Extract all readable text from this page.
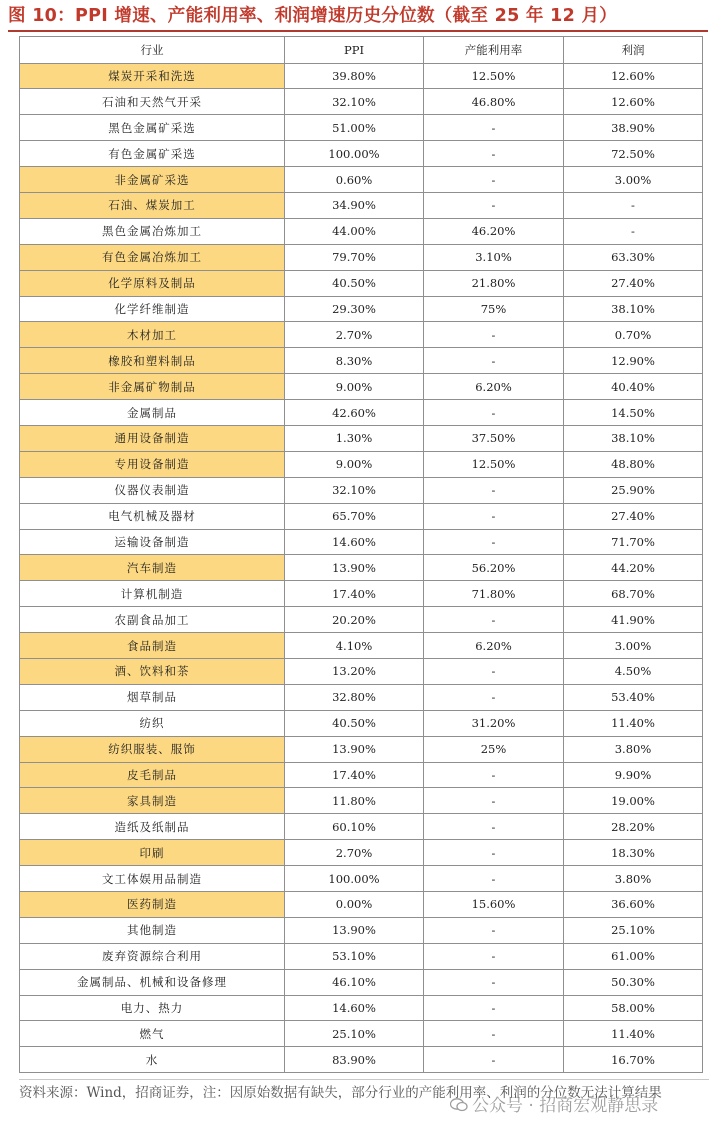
图 10：PPI 增速、产能利用率、利润增速历史分位数（截至 25 年 12 月）
行业	PPI	产能利用率	利润
煤炭开采和洗选	39.80%	12.50%	12.60%
石油和天然气开采	32.10%	46.80%	12.60%
黑色金属矿采选	51.00%	-	38.90%
有色金属矿采选	100.00%	-	72.50%
非金属矿采选	0.60%	-	3.00%
石油、煤炭加工	34.90%	-	-
黑色金属冶炼加工	44.00%	46.20%	-
有色金属冶炼加工	79.70%	3.10%	63.30%
化学原料及制品	40.50%	21.80%	27.40%
化学纤维制造	29.30%	75%	38.10%
木材加工	2.70%	-	0.70%
橡胶和塑料制品	8.30%	-	12.90%
非金属矿物制品	9.00%	6.20%	40.40%
金属制品	42.60%	-	14.50%
通用设备制造	1.30%	37.50%	38.10%
专用设备制造	9.00%	12.50%	48.80%
仪器仪表制造	32.10%	-	25.90%
电气机械及器材	65.70%	-	27.40%
运输设备制造	14.60%	-	71.70%
汽车制造	13.90%	56.20%	44.20%
计算机制造	17.40%	71.80%	68.70%
农副食品加工	20.20%	-	41.90%
食品制造	4.10%	6.20%	3.00%
酒、饮料和茶	13.20%	-	4.50%
烟草制品	32.80%	-	53.40%
纺织	40.50%	31.20%	11.40%
纺织服装、服饰	13.90%	25%	3.80%
皮毛制品	17.40%	-	9.90%
家具制造	11.80%	-	19.00%
造纸及纸制品	60.10%	-	28.20%
印刷	2.70%	-	18.30%
文工体娱用品制造	100.00%	-	3.80%
医药制造	0.00%	15.60%	36.60%
其他制造	13.90%	-	25.10%
废弃资源综合利用	53.10%	-	61.00%
金属制品、机械和设备修理	46.10%	-	50.30%
电力、热力	14.60%	-	58.00%
燃气	25.10%	-	11.40%
水	83.90%	-	16.70%
资料来源：Wind，招商证券，注：因原始数据有缺失，部分行业的产能利用率、利润的分位数无法计算结果
公众号 · 招商宏观静思录
